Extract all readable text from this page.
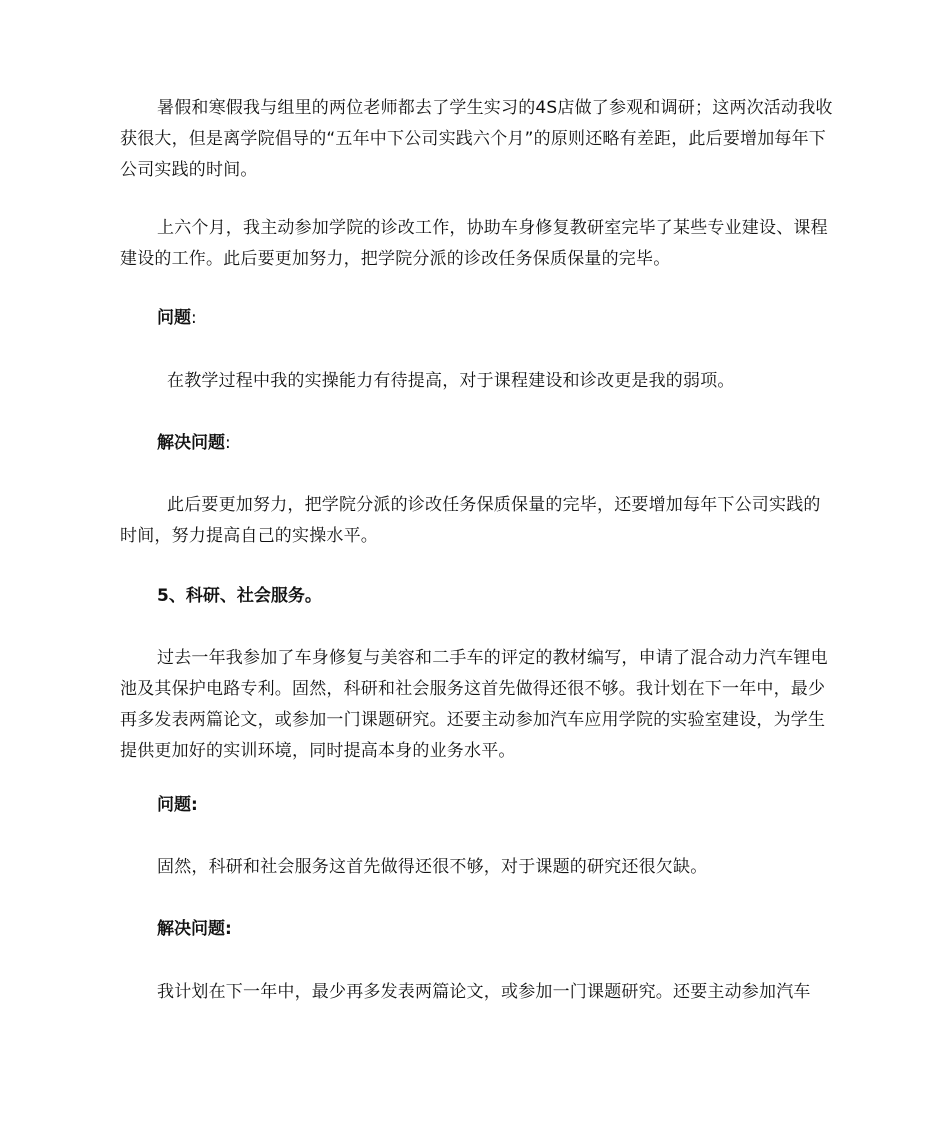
暑假和寒假我与组里的两位老师都去了学生实习的4S店做了参观和调研；这两次活动我收获很大，但是离学院倡导的“五年中下公司实践六个月”的原则还略有差距，此后要增加每年下公司实践的时间。

上六个月，我主动参加学院的诊改工作，协助车身修复教研室完毕了某些专业建设、课程建设的工作。此后要更加努力，把学院分派的诊改任务保质保量的完毕。

问题:

在教学过程中我的实操能力有待提高，对于课程建设和诊改更是我的弱项。

解决问题:

此后要更加努力，把学院分派的诊改任务保质保量的完毕，还要增加每年下公司实践的时间，努力提高自己的实操水平。

5、科研、社会服务。

过去一年我参加了车身修复与美容和二手车的评定的教材编写，申请了混合动力汽车锂电池及其保护电路专利。固然，科研和社会服务这首先做得还很不够。我计划在下一年中，最少再多发表两篇论文，或参加一门课题研究。还要主动参加汽车应用学院的实验室建设，为学生提供更加好的实训环境，同时提高本身的业务水平。

问题:

固然，科研和社会服务这首先做得还很不够，对于课题的研究还很欠缺。

解决问题:

我计划在下一年中，最少再多发表两篇论文，或参加一门课题研究。还要主动参加汽车
